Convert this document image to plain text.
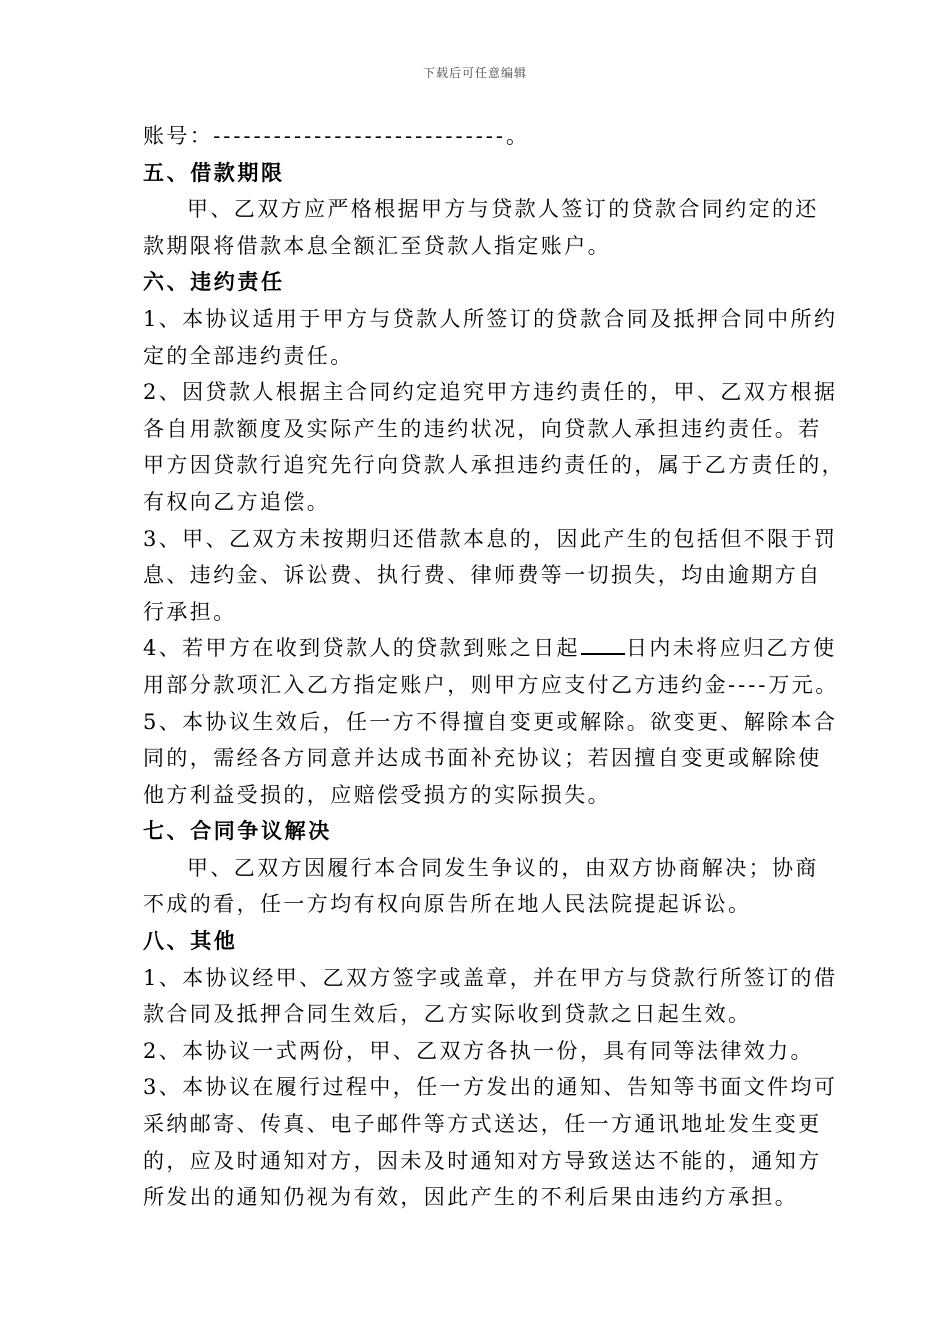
下载后可任意编辑
账号：-----------------------------。
五、借款期限
甲、乙双方应严格根据甲方与贷款人签订的贷款合同约定的还
款期限将借款本息全额汇至贷款人指定账户。
六、违约责任
1、本协议适用于甲方与贷款人所签订的贷款合同及抵押合同中所约
定的全部违约责任。
2、因贷款人根据主合同约定追究甲方违约责任的，甲、乙双方根据
各自用款额度及实际产生的违约状况，向贷款人承担违约责任。若
甲方因贷款行追究先行向贷款人承担违约责任的，属于乙方责任的，
有权向乙方追偿。
3、甲、乙双方未按期归还借款本息的，因此产生的包括但不限于罚
息、违约金、诉讼费、执行费、律师费等一切损失，均由逾期方自
行承担。
4、若甲方在收到贷款人的贷款到账之日起 日内未将应归乙方使
用部分款项汇入乙方指定账户，则甲方应支付乙方违约金----万元。
5、本协议生效后，任一方不得擅自变更或解除。欲变更、解除本合
同的，需经各方同意并达成书面补充协议；若因擅自变更或解除使
他方利益受损的，应赔偿受损方的实际损失。
七、合同争议解决
甲、乙双方因履行本合同发生争议的，由双方协商解决；协商
不成的看，任一方均有权向原告所在地人民法院提起诉讼。
八、其他
1、本协议经甲、乙双方签字或盖章，并在甲方与贷款行所签订的借
款合同及抵押合同生效后，乙方实际收到贷款之日起生效。
2、本协议一式两份，甲、乙双方各执一份，具有同等法律效力。
3、本协议在履行过程中，任一方发出的通知、告知等书面文件均可
采纳邮寄、传真、电子邮件等方式送达，任一方通讯地址发生变更
的，应及时通知对方，因未及时通知对方导致送达不能的，通知方
所发出的通知仍视为有效，因此产生的不利后果由违约方承担。
